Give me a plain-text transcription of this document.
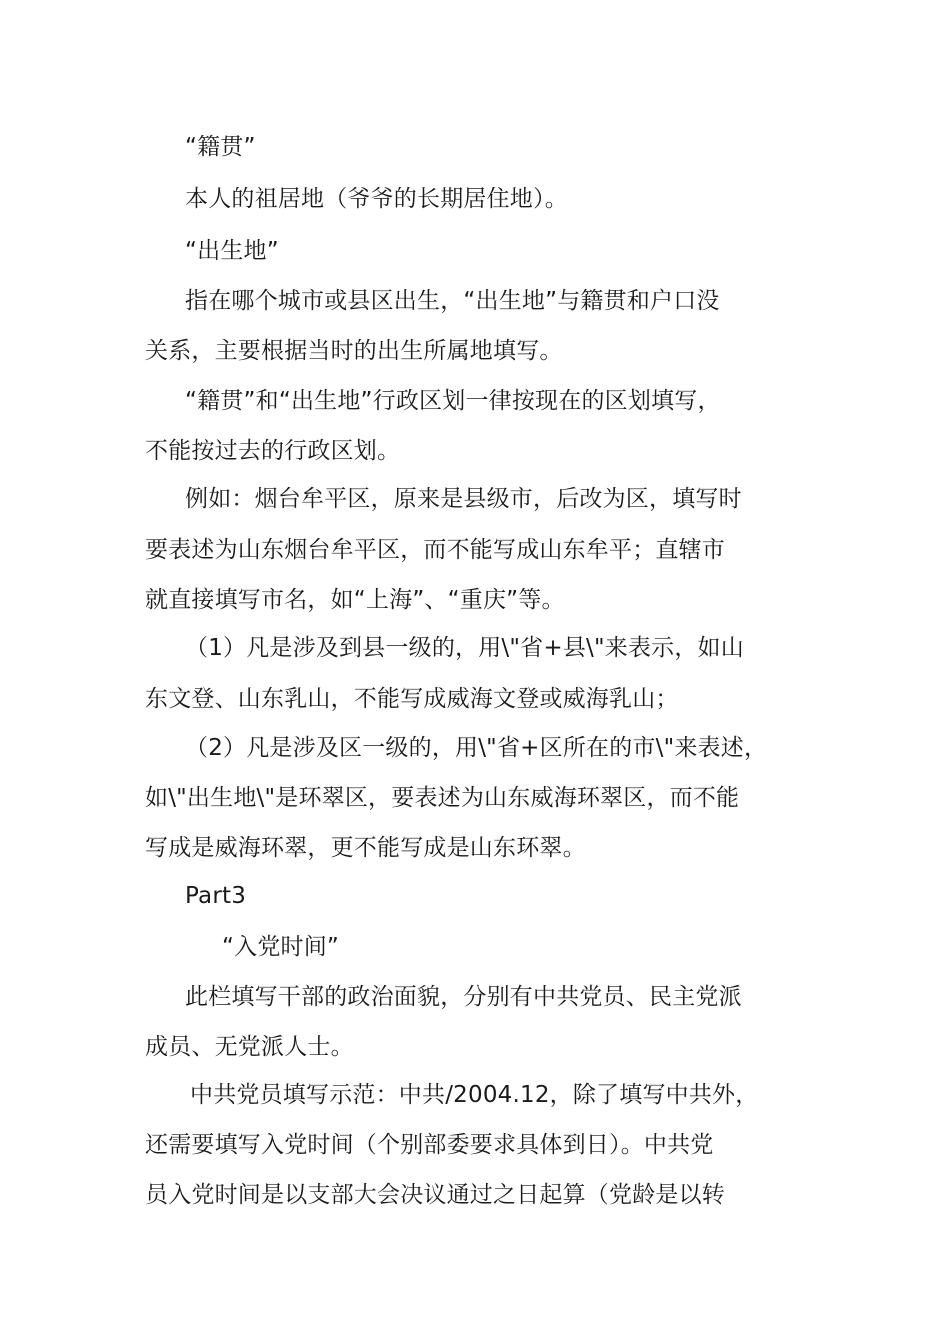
“籍贯”
本人的祖居地（爷爷的长期居住地）。
“出生地”
指在哪个城市或县区出生，“出生地”与籍贯和户口没
关系，主要根据当时的出生所属地填写。
“籍贯”和“出生地”行政区划一律按现在的区划填写，
不能按过去的行政区划。
例如：烟台牟平区，原来是县级市，后改为区，填写时
要表述为山东烟台牟平区，而不能写成山东牟平；直辖市
就直接填写市名，如“上海”、“重庆”等。
（1）凡是涉及到县一级的，用\"省+县\"来表示，如山
东文登、山东乳山，不能写成威海文登或威海乳山；
（2）凡是涉及区一级的，用\"省+区所在的市\"来表述，
如\"出生地\"是环翠区，要表述为山东威海环翠区，而不能
写成是威海环翠，更不能写成是山东环翠。
Part3
“入党时间”
此栏填写干部的政治面貌，分别有中共党员、民主党派
成员、无党派人士。
中共党员填写示范：中共/2004.12，除了填写中共外，
还需要填写入党时间（个别部委要求具体到日）。中共党
员入党时间是以支部大会决议通过之日起算（党龄是以转
